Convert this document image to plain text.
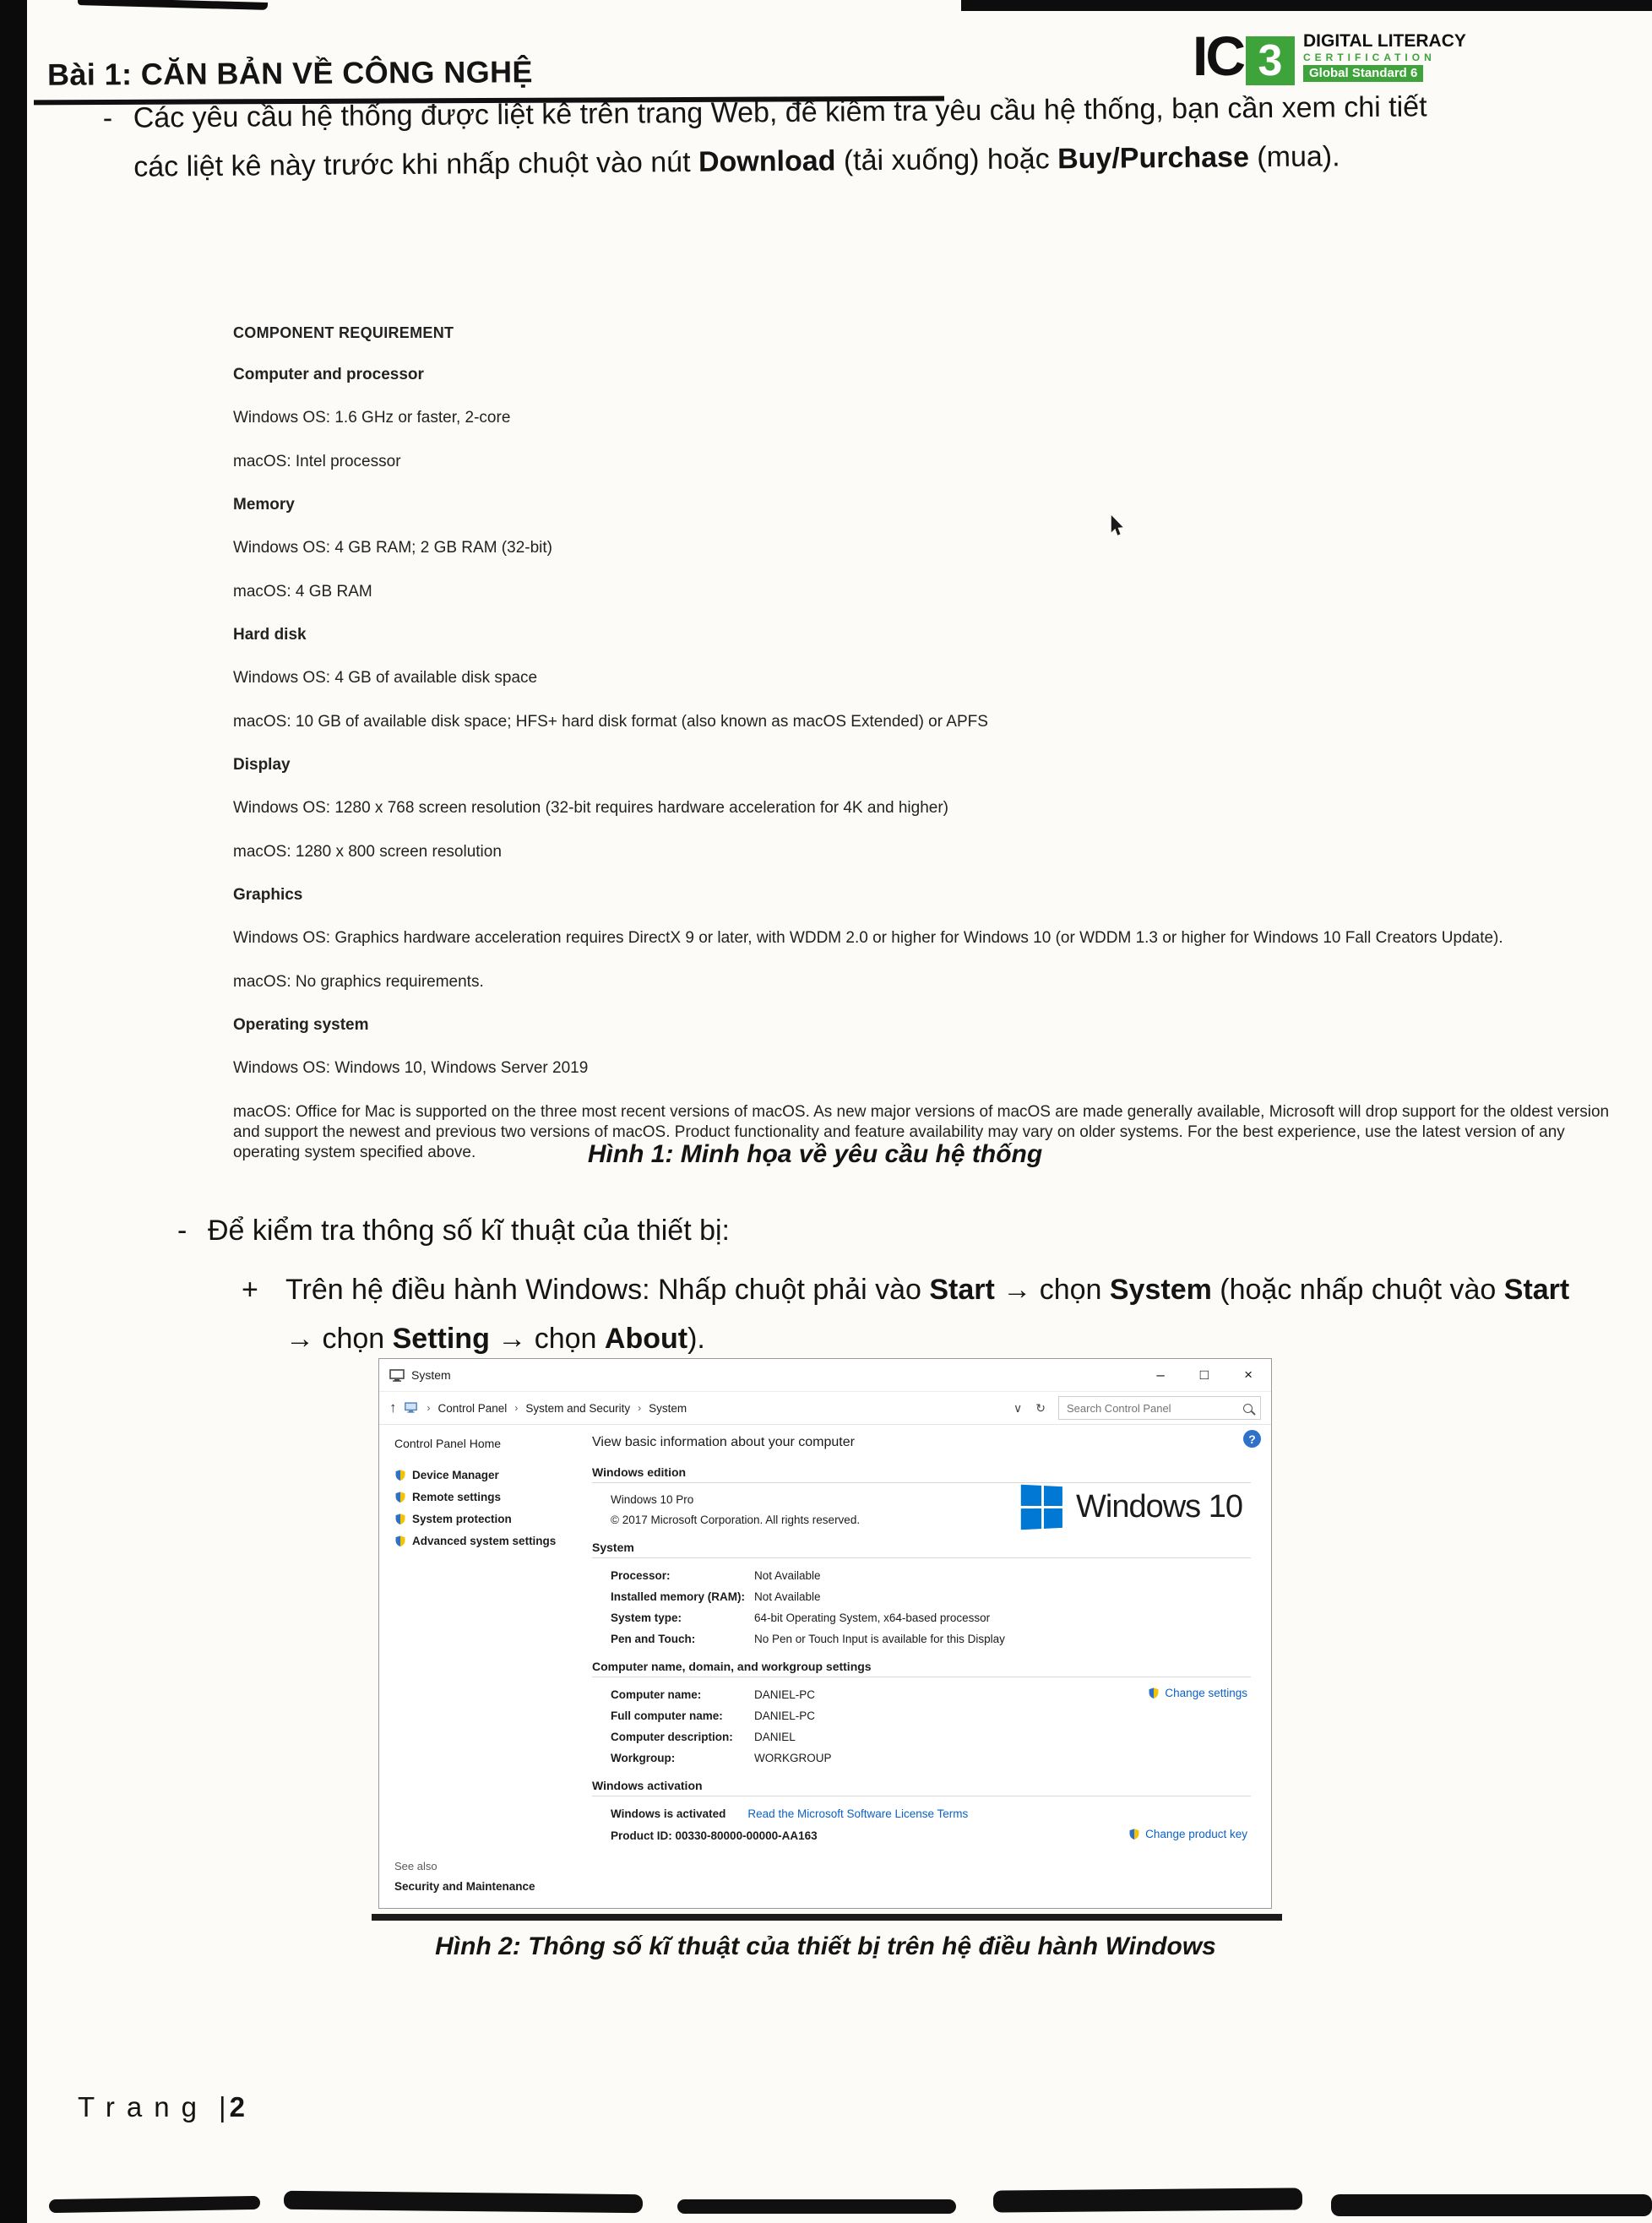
Bài 1: CĂN BẢN VỀ CÔNG NGHỆ	IC 3	DIGITAL LITERACY
CERTIFICATION
Global Standard 6
- Các yêu cầu hệ thống được liệt kê trên trang Web, để kiểm tra yêu cầu hệ thống, bạn cần xem chi tiết các liệt kê này trước khi nhấp chuột vào nút Download (tải xuống) hoặc Buy/Purchase (mua).

COMPONENT REQUIREMENT
Computer and processor
Windows OS: 1.6 GHz or faster, 2-core
macOS: Intel processor
Memory
Windows OS: 4 GB RAM; 2 GB RAM (32-bit)
macOS: 4 GB RAM
Hard disk
Windows OS: 4 GB of available disk space
macOS: 10 GB of available disk space; HFS+ hard disk format (also known as macOS Extended) or APFS
Display
Windows OS: 1280 x 768 screen resolution (32-bit requires hardware acceleration for 4K and higher)
macOS: 1280 x 800 screen resolution
Graphics
Windows OS: Graphics hardware acceleration requires DirectX 9 or later, with WDDM 2.0 or higher for Windows 10 (or WDDM 1.3 or higher for Windows 10 Fall Creators Update).
macOS: No graphics requirements.
Operating system
Windows OS: Windows 10, Windows Server 2019
macOS: Office for Mac is supported on the three most recent versions of macOS. As new major versions of macOS are made generally available, Microsoft will drop support for the oldest version and support the newest and previous two versions of macOS. Product functionality and feature availability may vary on older systems. For the best experience, use the latest version of any operating system specified above.	Hình 1: Minh họa về yêu cầu hệ thống
- Để kiểm tra thông số kĩ thuật của thiết bị:

+ Trên hệ điều hành Windows: Nhấp chuột phải vào Start → chọn System (hoặc nhấp chuột vào Start → chọn Setting → chọn About).

System	– □ ×
↑	› Control Panel › System and Security › System	∨ ↻
Search Control Panel
?
Control Panel Home
Device Manager
Remote settings
System protection
Advanced system settings
See also
Security and Maintenance
View basic information about your computer
Windows edition
Windows 10 Pro
© 2017 Microsoft Corporation. All rights reserved.	Windows 10
System
Processor:	Not Available
Installed memory (RAM): Not Available
System type:	64-bit Operating System, x64-based processor
Pen and Touch:	No Pen or Touch Input is available for this Display
Computer name, domain, and workgroup settings
Computer name:	DANIEL-PC
Full computer name:	DANIEL-PC
Computer description:	DANIEL
Workgroup:	WORKGROUP
Change settings
Windows activation
Windows is activated Read the Microsoft Software License Terms
Product ID: 00330-80000-00000-AA163	Change product key
Hình 2: Thông số kĩ thuật của thiết bị trên hệ điều hành Windows
Trang | 2
